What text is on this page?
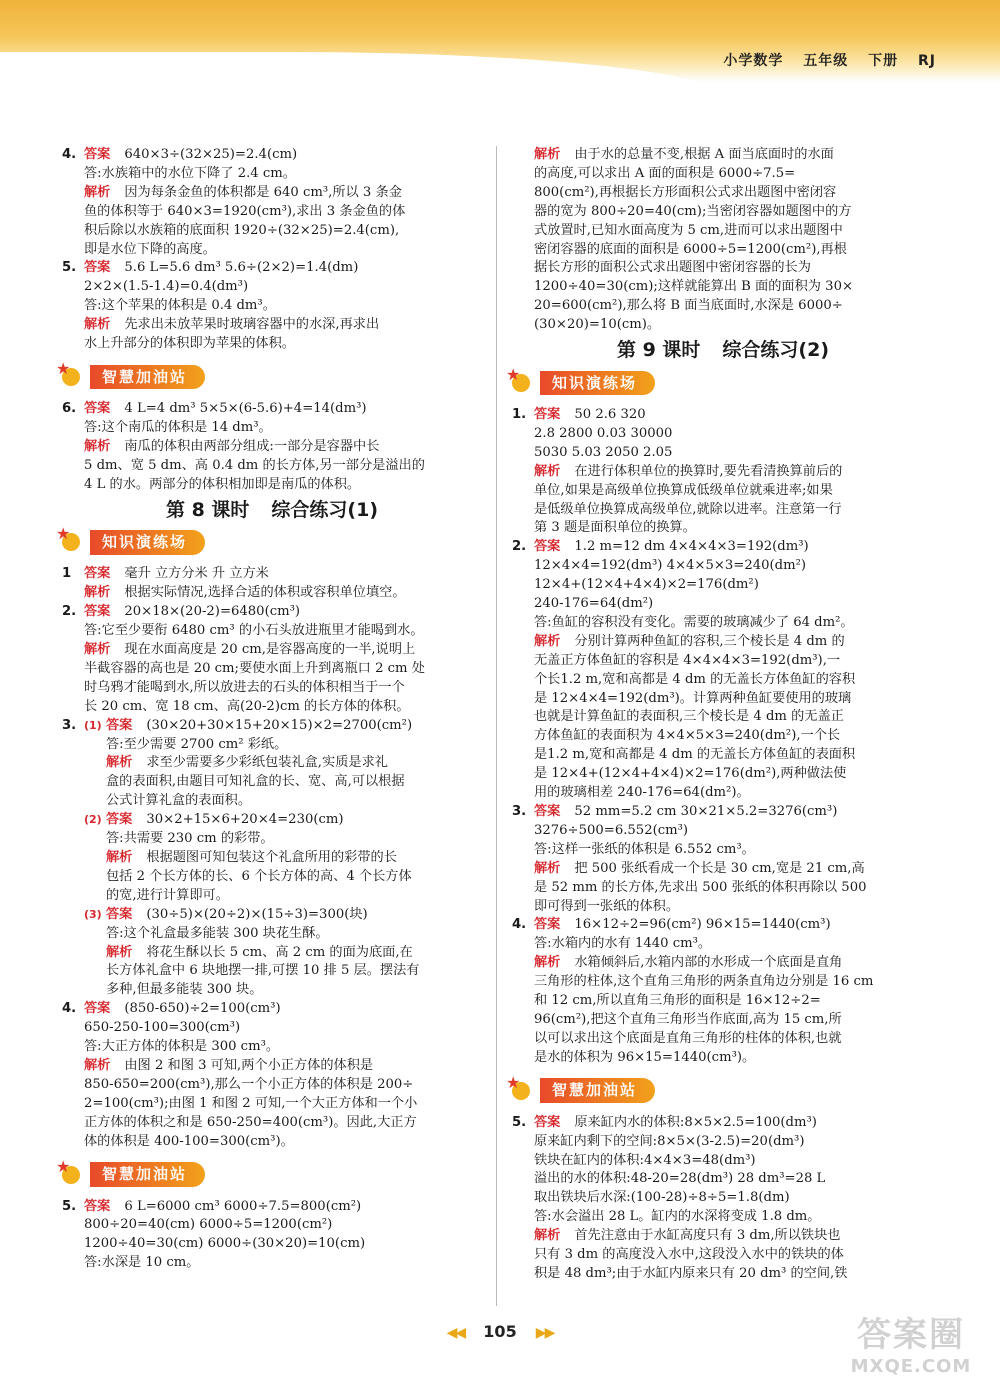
小学数学 五年级 下册 RJ
4. 答案 640×3÷(32×25)=2.4(cm)
答:水族箱中的水位下降了 2.4 cm。
解析 因为每条金鱼的体积都是 640 cm³,所以 3 条金
鱼的体积等于 640×3=1920(cm³),求出 3 条金鱼的体
积后除以水族箱的底面积 1920÷(32×25)=2.4(cm),
即是水位下降的高度。
5. 答案 5.6 L=5.6 dm³ 5.6÷(2×2)=1.4(dm)
2×2×(1.5-1.4)=0.4(dm³)
答:这个苹果的体积是 0.4 dm³。
解析 先求出未放苹果时玻璃容器中的水深,再求出
水上升部分的体积即为苹果的体积。
★
智慧加油站
6. 答案 4 L=4 dm³ 5×5×(6-5.6)+4=14(dm³)
答:这个南瓜的体积是 14 dm³。
解析 南瓜的体积由两部分组成:一部分是容器中长
5 dm、宽 5 dm、高 0.4 dm 的长方体,另一部分是溢出的
4 L 的水。两部分的体积相加即是南瓜的体积。
第 8 课时 综合练习(1)
★
知识演练场
1 答案 毫升 立方分米 升 立方米
解析 根据实际情况,选择合适的体积或容积单位填空。
2. 答案 20×18×(20-2)=6480(cm³)
答:它至少要衔 6480 cm³ 的小石头放进瓶里才能喝到水。
解析 现在水面高度是 20 cm,是容器高度的一半,说明上
半截容器的高也是 20 cm;要使水面上升到离瓶口 2 cm 处
时乌鸦才能喝到水,所以放进去的石头的体积相当于一个
长 20 cm、宽 18 cm、高(20-2)cm 的长方体的体积。
3. (1) 答案 (30×20+30×15+20×15)×2=2700(cm²)
答:至少需要 2700 cm² 彩纸。
解析 求至少需要多少彩纸包装礼盒,实质是求礼
盒的表面积,由题目可知礼盒的长、宽、高,可以根据
公式计算礼盒的表面积。
(2) 答案 30×2+15×6+20×4=230(cm)
答:共需要 230 cm 的彩带。
解析 根据题图可知包装这个礼盒所用的彩带的长
包括 2 个长方体的长、6 个长方体的高、4 个长方体
的宽,进行计算即可。
(3) 答案 (30÷5)×(20÷2)×(15÷3)=300(块)
答:这个礼盒最多能装 300 块花生酥。
解析 将花生酥以长 5 cm、高 2 cm 的面为底面,在
长方体礼盒中 6 块地摆一排,可摆 10 排 5 层。摆法有
多种,但最多能装 300 块。
4. 答案 (850-650)÷2=100(cm³)
650-250-100=300(cm³)
答:大正方体的体积是 300 cm³。
解析 由图 2 和图 3 可知,两个小正方体的体积是
850-650=200(cm³),那么一个小正方体的体积是 200÷
2=100(cm³);由图 1 和图 2 可知,一个大正方体和一个小
正方体的体积之和是 650-250=400(cm³)。因此,大正方
体的体积是 400-100=300(cm³)。
★
智慧加油站
5. 答案 6 L=6000 cm³ 6000÷7.5=800(cm²)
800÷20=40(cm) 6000÷5=1200(cm²)
1200÷40=30(cm) 6000÷(30×20)=10(cm)
答:水深是 10 cm。
解析 由于水的总量不变,根据 A 面当底面时的水面
的高度,可以求出 A 面的面积是 6000÷7.5=
800(cm²),再根据长方形面积公式求出题图中密闭容
器的宽为 800÷20=40(cm);当密闭容器如题图中的方
式放置时,已知水面高度为 5 cm,进而可以求出题图中
密闭容器的底面的面积是 6000÷5=1200(cm²),再根
据长方形的面积公式求出题图中密闭容器的长为
1200÷40=30(cm);这样就能算出 B 面的面积为 30×
20=600(cm²),那么将 B 面当底面时,水深是 6000÷
(30×20)=10(cm)。
第 9 课时 综合练习(2)
★
知识演练场
1. 答案 50 2.6 320
2.8 2800 0.03 30000
5030 5.03 2050 2.05
解析 在进行体积单位的换算时,要先看清换算前后的
单位,如果是高级单位换算成低级单位就乘进率;如果
是低级单位换算成高级单位,就除以进率。注意第一行
第 3 题是面积单位的换算。
2. 答案 1.2 m=12 dm 4×4×4×3=192(dm³)
12×4×4=192(dm³) 4×4×5×3=240(dm²)
12×4+(12×4+4×4)×2=176(dm²)
240-176=64(dm²)
答:鱼缸的容积没有变化。需要的玻璃减少了 64 dm²。
解析 分别计算两种鱼缸的容积,三个棱长是 4 dm 的
无盖正方体鱼缸的容积是 4×4×4×3=192(dm³),一
个长1.2 m,宽和高都是 4 dm 的无盖长方体鱼缸的容积
是 12×4×4=192(dm³)。计算两种鱼缸要使用的玻璃
也就是计算鱼缸的表面积,三个棱长是 4 dm 的无盖正
方体鱼缸的表面积为 4×4×5×3=240(dm²),一个长
是1.2 m,宽和高都是 4 dm 的无盖长方体鱼缸的表面积
是 12×4+(12×4+4×4)×2=176(dm²),两种做法使
用的玻璃相差 240-176=64(dm²)。
3. 答案 52 mm=5.2 cm 30×21×5.2=3276(cm³)
3276÷500=6.552(cm³)
答:这样一张纸的体积是 6.552 cm³。
解析 把 500 张纸看成一个长是 30 cm,宽是 21 cm,高
是 52 mm 的长方体,先求出 500 张纸的体积再除以 500
即可得到一张纸的体积。
4. 答案 16×12÷2=96(cm²) 96×15=1440(cm³)
答:水箱内的水有 1440 cm³。
解析 水箱倾斜后,水箱内部的水形成一个底面是直角
三角形的柱体,这个直角三角形的两条直角边分别是 16 cm
和 12 cm,所以直角三角形的面积是 16×12÷2=
96(cm²),把这个直角三角形当作底面,高为 15 cm,所
以可以求出这个底面是直角三角形的柱体的体积,也就
是水的体积为 96×15=1440(cm³)。
★
智慧加油站
5. 答案 原来缸内水的体积:8×5×2.5=100(dm³)
原来缸内剩下的空间:8×5×(3-2.5)=20(dm³)
铁块在缸内的体积:4×4×3=48(dm³)
溢出的水的体积:48-20=28(dm³) 28 dm³=28 L
取出铁块后水深:(100-28)÷8÷5=1.8(dm)
答:水会溢出 28 L。缸内的水深将变成 1.8 dm。
解析 首先注意由于水缸高度只有 3 dm,所以铁块也
只有 3 dm 的高度没入水中,这段没入水中的铁块的体
积是 48 dm³;由于水缸内原来只有 20 dm³ 的空间,铁
◀◀ 105 ▶▶	答案圈
MXQE.COM
